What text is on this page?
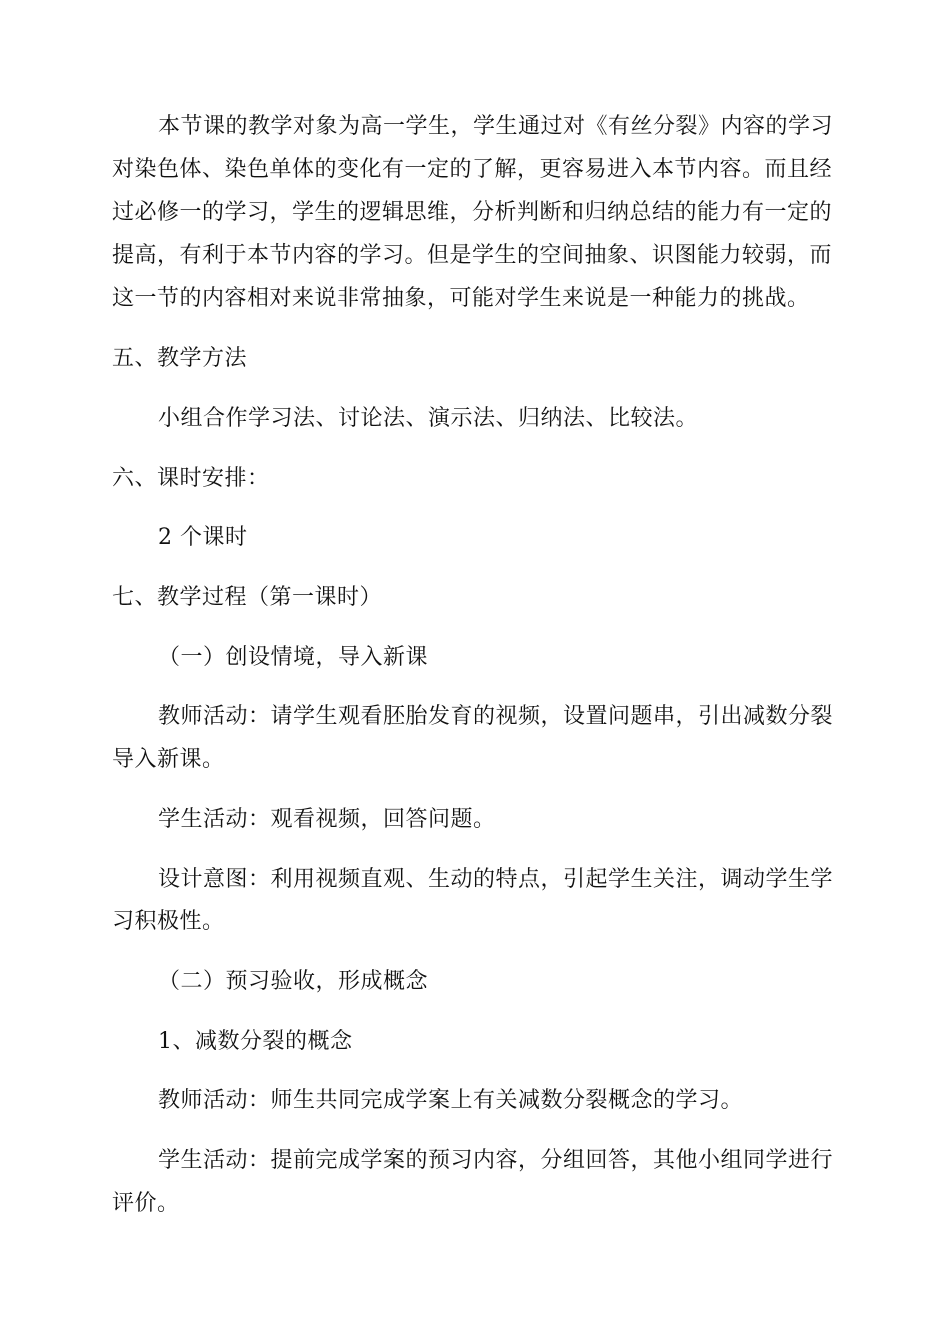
本节课的教学对象为高一学生，学生通过对《有丝分裂》内容的学习
对染色体、染色单体的变化有一定的了解，更容易进入本节内容。而且经
过必修一的学习，学生的逻辑思维，分析判断和归纳总结的能力有一定的
提高，有利于本节内容的学习。但是学生的空间抽象、识图能力较弱，而
这一节的内容相对来说非常抽象，可能对学生来说是一种能力的挑战。
五、教学方法
小组合作学习法、讨论法、演示法、归纳法、比较法。
六、课时安排：
2 个课时
七、教学过程（第一课时）
（一）创设情境，导入新课
教师活动：请学生观看胚胎发育的视频，设置问题串，引出减数分裂
导入新课。
学生活动：观看视频，回答问题。
设计意图：利用视频直观、生动的特点，引起学生关注，调动学生学
习积极性。
（二）预习验收，形成概念
1、减数分裂的概念
教师活动：师生共同完成学案上有关减数分裂概念的学习。
学生活动：提前完成学案的预习内容，分组回答，其他小组同学进行
评价。
